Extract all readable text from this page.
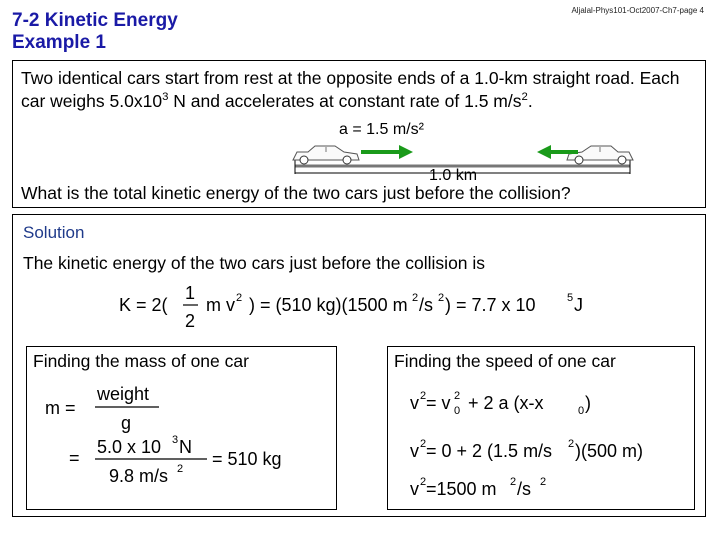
7-2 Kinetic Energy
Example 1
Aljalal-Phys101-Oct2007-Ch7-page 4
Two identical cars start from rest at the opposite ends of a 1.0-km straight road. Each car weighs $5.0x10^3$ N and accelerates at constant rate of 1.5 $m/s^2$.
a = 1.5 m/s²
1.0 km
What is the total kinetic energy of the two cars just before the collision?
Solution
The kinetic energy of the two cars just before the collision is
K = 2(
1
2
m v 2 ) = (510 kg)(1500 m 2 /s 2 ) = 7.7 x 10	5 J
Finding the mass of one car
m =
weight
g
=
5.0 x 10 3 N
9.8 m/s 2 = 510 kg
Finding the speed of one car
v 2 = v 2
0 + 2 a (x-x	0 )
v 2 = 0 + 2 (1.5 m/s 2 )(500 m)
v 2 =1500 m 2 /s 2
